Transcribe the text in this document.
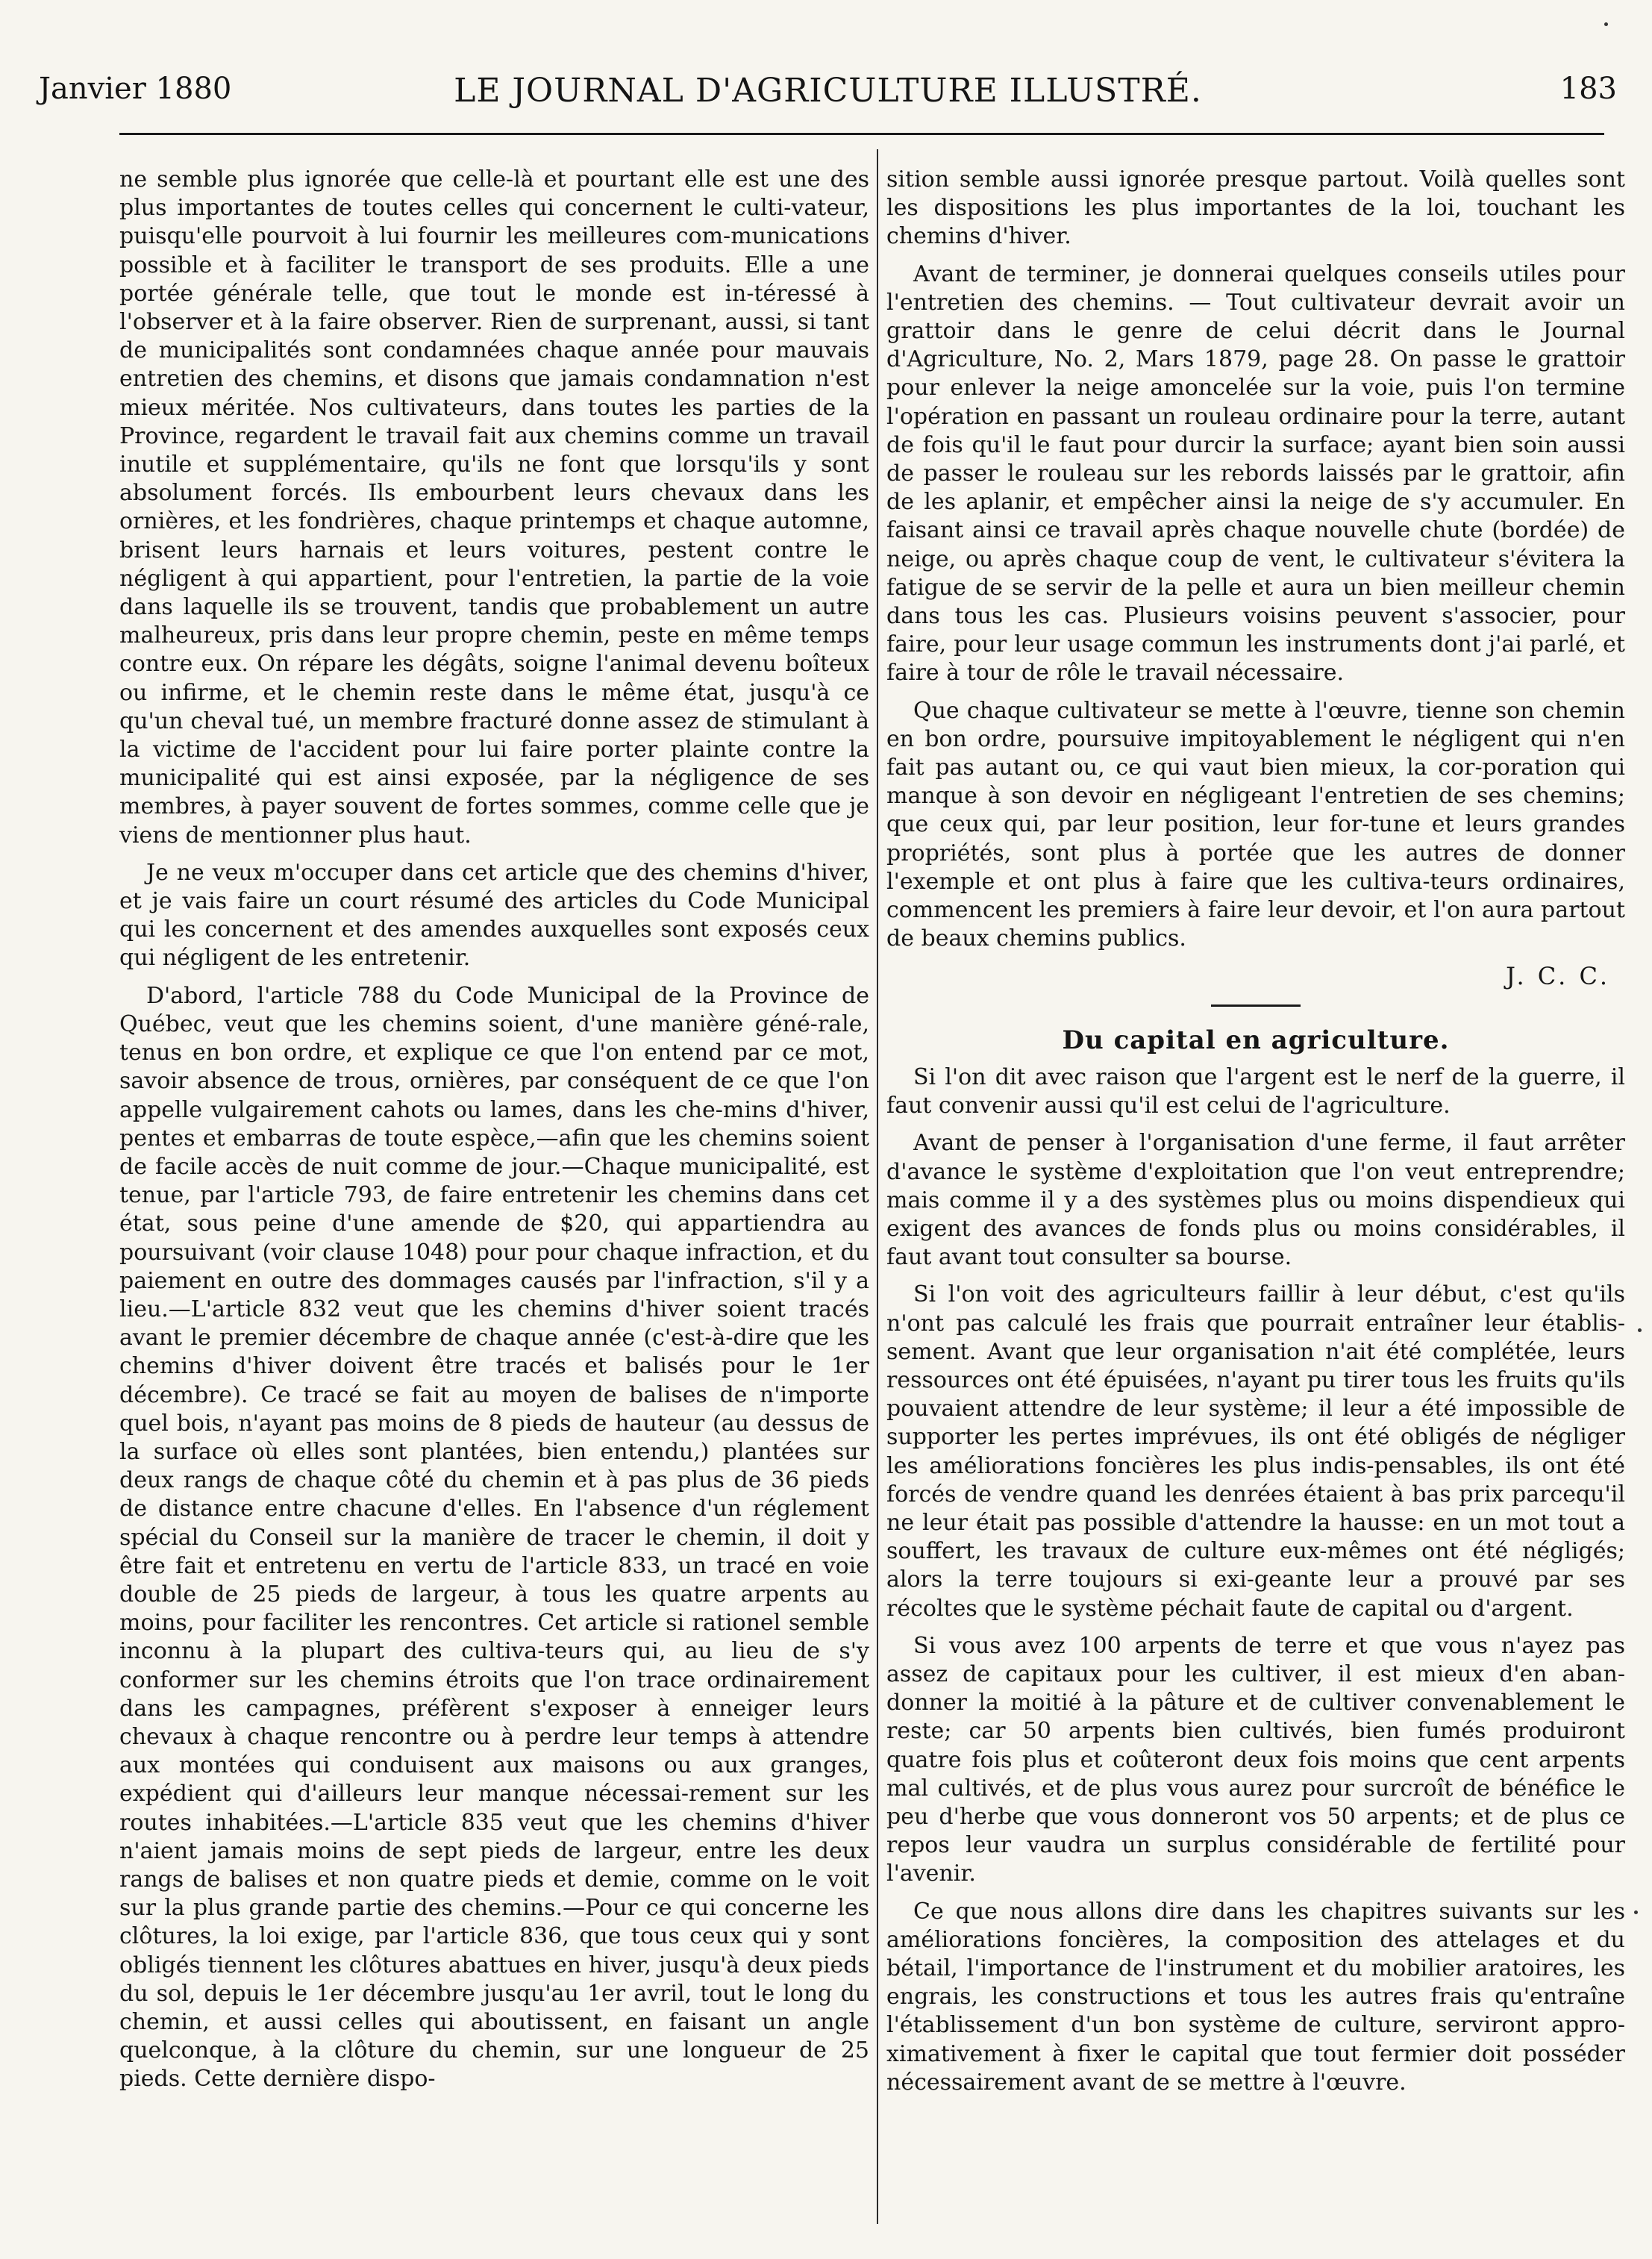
Janvier 1880	LE JOURNAL D'AGRICULTURE ILLUSTRÉ.	183

ne semble plus ignorée que celle-là et pourtant elle est une des plus importantes de toutes celles qui concernent le culti-vateur, puisqu'elle pourvoit à lui fournir les meilleures com-munications possible et à faciliter le transport de ses produits. Elle a une portée générale telle, que tout le monde est in-téressé à l'observer et à la faire observer. Rien de surprenant, aussi, si tant de municipalités sont condamnées chaque année pour mauvais entretien des chemins, et disons que jamais condamnation n'est mieux méritée. Nos cultivateurs, dans toutes les parties de la Province, regardent le travail fait aux chemins comme un travail inutile et supplémentaire, qu'ils ne font que lorsqu'ils y sont absolument forcés. Ils embourbent leurs chevaux dans les ornières, et les fondrières, chaque printemps et chaque automne, brisent leurs harnais et leurs voitures, pestent contre le négligent à qui appartient, pour l'entretien, la partie de la voie dans laquelle ils se trouvent, tandis que probablement un autre malheureux, pris dans leur propre chemin, peste en même temps contre eux. On répare les dégâts, soigne l'animal devenu boîteux ou infirme, et le chemin reste dans le même état, jusqu'à ce qu'un cheval tué, un membre fracturé donne assez de stimulant à la victime de l'accident pour lui faire porter plainte contre la municipalité qui est ainsi exposée, par la négligence de ses membres, à payer souvent de fortes sommes, comme celle que je viens de mentionner plus haut.

Je ne veux m'occuper dans cet article que des chemins d'hiver, et je vais faire un court résumé des articles du Code Municipal qui les concernent et des amendes auxquelles sont exposés ceux qui négligent de les entretenir.

D'abord, l'article 788 du Code Municipal de la Province de Québec, veut que les chemins soient, d'une manière géné-rale, tenus en bon ordre, et explique ce que l'on entend par ce mot, savoir absence de trous, ornières, par conséquent de ce que l'on appelle vulgairement cahots ou lames, dans les che-mins d'hiver, pentes et embarras de toute espèce,—afin que les chemins soient de facile accès de nuit comme de jour.—Chaque municipalité, est tenue, par l'article 793, de faire entretenir les chemins dans cet état, sous peine d'une amende de $20, qui appartiendra au poursuivant (voir clause 1048) pour pour chaque infraction, et du paiement en outre des dommages causés par l'infraction, s'il y a lieu.—L'article 832 veut que les chemins d'hiver soient tracés avant le premier décembre de chaque année (c'est-à-dire que les chemins d'hiver doivent être tracés et balisés pour le 1er décembre). Ce tracé se fait au moyen de balises de n'importe quel bois, n'ayant pas moins de 8 pieds de hauteur (au dessus de la surface où elles sont plantées, bien entendu,) plantées sur deux rangs de chaque côté du chemin et à pas plus de 36 pieds de distance entre chacune d'elles. En l'absence d'un réglement spécial du Conseil sur la manière de tracer le chemin, il doit y être fait et entretenu en vertu de l'article 833, un tracé en voie double de 25 pieds de largeur, à tous les quatre arpents au moins, pour faciliter les rencontres. Cet article si rationel semble inconnu à la plupart des cultiva-teurs qui, au lieu de s'y conformer sur les chemins étroits que l'on trace ordinairement dans les campagnes, préfèrent s'exposer à enneiger leurs chevaux à chaque rencontre ou à perdre leur temps à attendre aux montées qui conduisent aux maisons ou aux granges, expédient qui d'ailleurs leur manque nécessai-rement sur les routes inhabitées.—L'article 835 veut que les chemins d'hiver n'aient jamais moins de sept pieds de largeur, entre les deux rangs de balises et non quatre pieds et demie, comme on le voit sur la plus grande partie des chemins.—Pour ce qui concerne les clôtures, la loi exige, par l'article 836, que tous ceux qui y sont obligés tiennent les clôtures abattues en hiver, jusqu'à deux pieds du sol, depuis le 1er décembre jusqu'au 1er avril, tout le long du chemin, et aussi celles qui aboutissent, en faisant un angle quelconque, à la clôture du chemin, sur une longueur de 25 pieds. Cette dernière dispo-

sition semble aussi ignorée presque partout. Voilà quelles sont les dispositions les plus importantes de la loi, touchant les chemins d'hiver.

Avant de terminer, je donnerai quelques conseils utiles pour l'entretien des chemins. — Tout cultivateur devrait avoir un grattoir dans le genre de celui décrit dans le Journal d'Agriculture, No. 2, Mars 1879, page 28. On passe le grattoir pour enlever la neige amoncelée sur la voie, puis l'on termine l'opération en passant un rouleau ordinaire pour la terre, autant de fois qu'il le faut pour durcir la surface; ayant bien soin aussi de passer le rouleau sur les rebords laissés par le grattoir, afin de les aplanir, et empêcher ainsi la neige de s'y accumuler. En faisant ainsi ce travail après chaque nouvelle chute (bordée) de neige, ou après chaque coup de vent, le cultivateur s'évitera la fatigue de se servir de la pelle et aura un bien meilleur chemin dans tous les cas. Plusieurs voisins peuvent s'associer, pour faire, pour leur usage commun les instruments dont j'ai parlé, et faire à tour de rôle le travail nécessaire.

Que chaque cultivateur se mette à l'œuvre, tienne son chemin en bon ordre, poursuive impitoyablement le négligent qui n'en fait pas autant ou, ce qui vaut bien mieux, la cor-poration qui manque à son devoir en négligeant l'entretien de ses chemins; que ceux qui, par leur position, leur for-tune et leurs grandes propriétés, sont plus à portée que les autres de donner l'exemple et ont plus à faire que les cultiva-teurs ordinaires, commencent les premiers à faire leur devoir, et l'on aura partout de beaux chemins publics.

J. C. C.
Du capital en agriculture.

Si l'on dit avec raison que l'argent est le nerf de la guerre, il faut convenir aussi qu'il est celui de l'agriculture.

Avant de penser à l'organisation d'une ferme, il faut arrêter d'avance le système d'exploitation que l'on veut entreprendre; mais comme il y a des systèmes plus ou moins dispendieux qui exigent des avances de fonds plus ou moins considérables, il faut avant tout consulter sa bourse.

Si l'on voit des agriculteurs faillir à leur début, c'est qu'ils n'ont pas calculé les frais que pourrait entraîner leur établis-sement. Avant que leur organisation n'ait été complétée, leurs ressources ont été épuisées, n'ayant pu tirer tous les fruits qu'ils pouvaient attendre de leur système; il leur a été impossible de supporter les pertes imprévues, ils ont été obligés de négliger les améliorations foncières les plus indis-pensables, ils ont été forcés de vendre quand les denrées étaient à bas prix parcequ'il ne leur était pas possible d'attendre la hausse: en un mot tout a souffert, les travaux de culture eux-mêmes ont été négligés; alors la terre toujours si exi-geante leur a prouvé par ses récoltes que le système péchait faute de capital ou d'argent.

Si vous avez 100 arpents de terre et que vous n'ayez pas assez de capitaux pour les cultiver, il est mieux d'en aban-donner la moitié à la pâture et de cultiver convenablement le reste; car 50 arpents bien cultivés, bien fumés produiront quatre fois plus et coûteront deux fois moins que cent arpents mal cultivés, et de plus vous aurez pour surcroît de bénéfice le peu d'herbe que vous donneront vos 50 arpents; et de plus ce repos leur vaudra un surplus considérable de fertilité pour l'avenir.

Ce que nous allons dire dans les chapitres suivants sur les améliorations foncières, la composition des attelages et du bétail, l'importance de l'instrument et du mobilier aratoires, les engrais, les constructions et tous les autres frais qu'entraîne l'établissement d'un bon système de culture, serviront appro-ximativement à fixer le capital que tout fermier doit posséder nécessairement avant de se mettre à l'œuvre.
